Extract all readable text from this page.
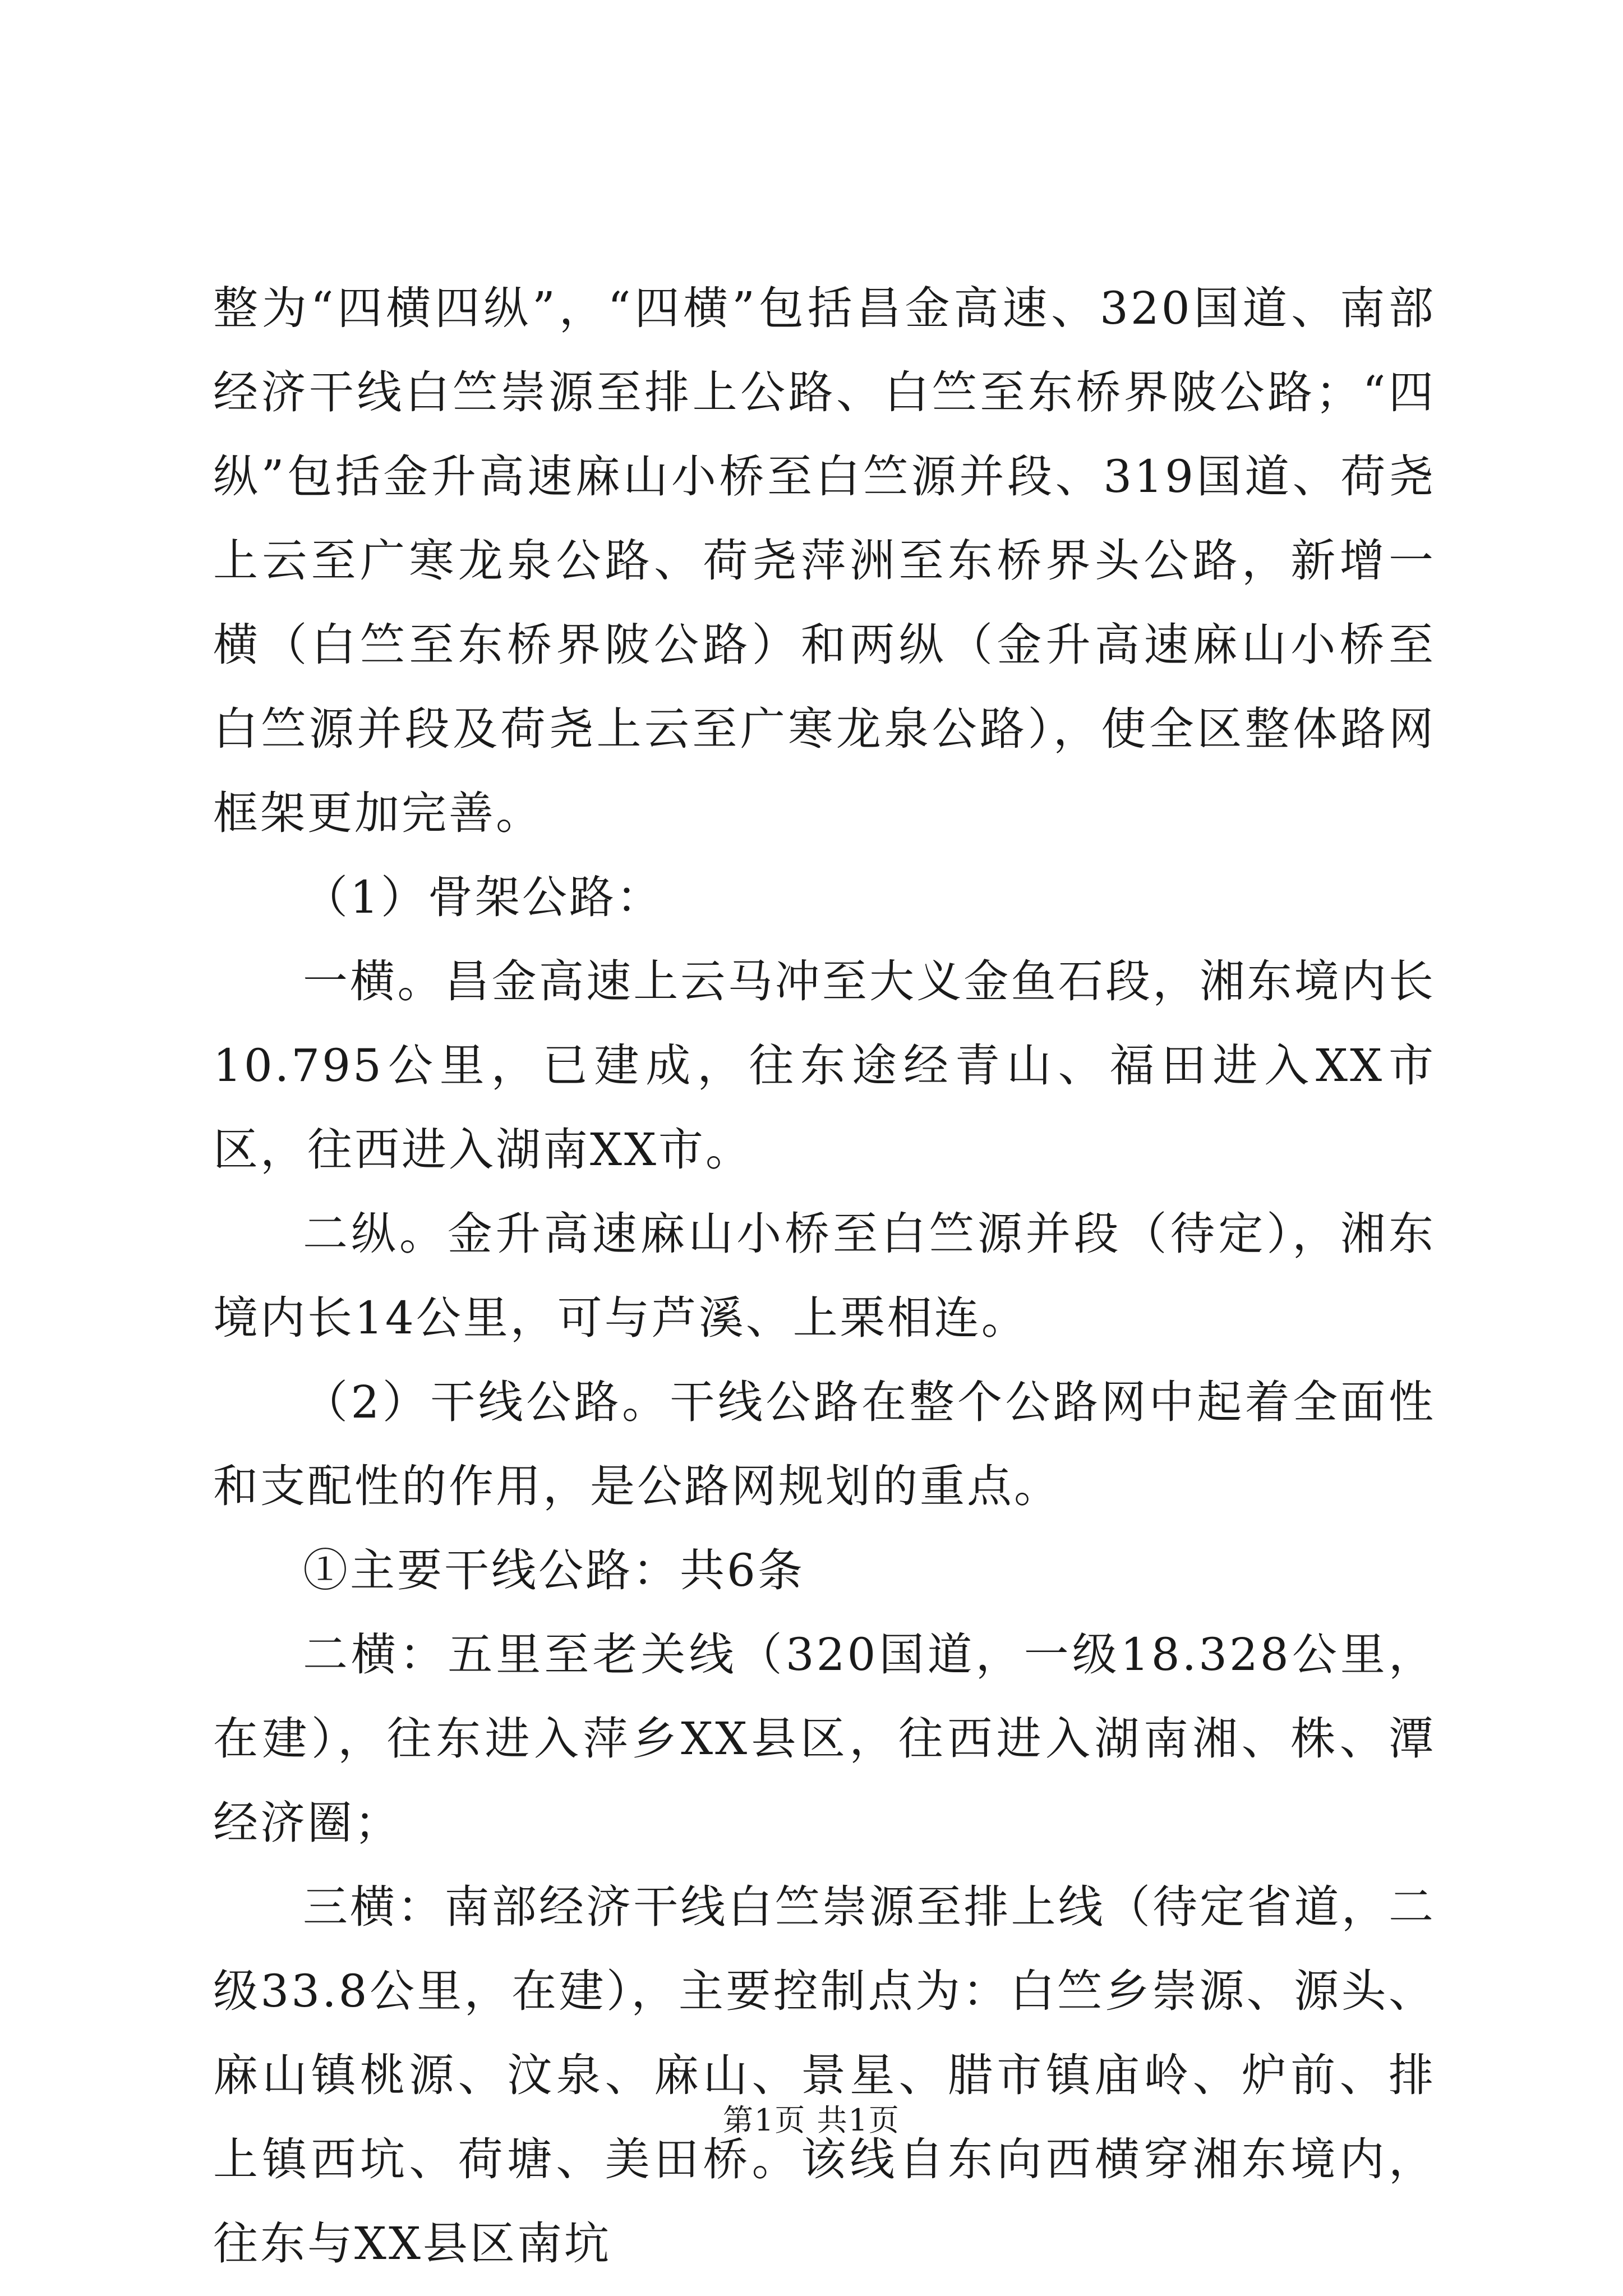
整为“四横四纵”，“四横”包括昌金高速、320国道、南部经济干线白竺崇源至排上公路、白竺至东桥界陂公路；“四纵”包括金升高速麻山小桥至白竺源并段、319国道、荷尧上云至广寒龙泉公路、荷尧萍洲至东桥界头公路，新增一横（白竺至东桥界陂公路）和两纵（金升高速麻山小桥至白竺源并段及荷尧上云至广寒龙泉公路），使全区整体路网框架更加完善。

（1）骨架公路：

一横。昌金高速上云马冲至大义金鱼石段，湘东境内长10.795公里，已建成，往东途经青山、福田进入XX市区，往西进入湖南XX市。

二纵。金升高速麻山小桥至白竺源并段（待定），湘东境内长14公里，可与芦溪、上栗相连。

（2）干线公路。干线公路在整个公路网中起着全面性和支配性的作用，是公路网规划的重点。

①主要干线公路：共6条

二横：五里至老关线（320国道，一级18.328公里，在建），往东进入萍乡XX县区，往西进入湖南湘、株、潭经济圈；

三横：南部经济干线白竺崇源至排上线（待定省道，二级33.8公里，在建），主要控制点为：白竺乡崇源、源头、麻山镇桃源、汶泉、麻山、景星、腊市镇庙岭、炉前、排上镇西坑、荷塘、美田桥。该线自东向西横穿湘东境内，往东与XX县区南坑

第1页 共1页
